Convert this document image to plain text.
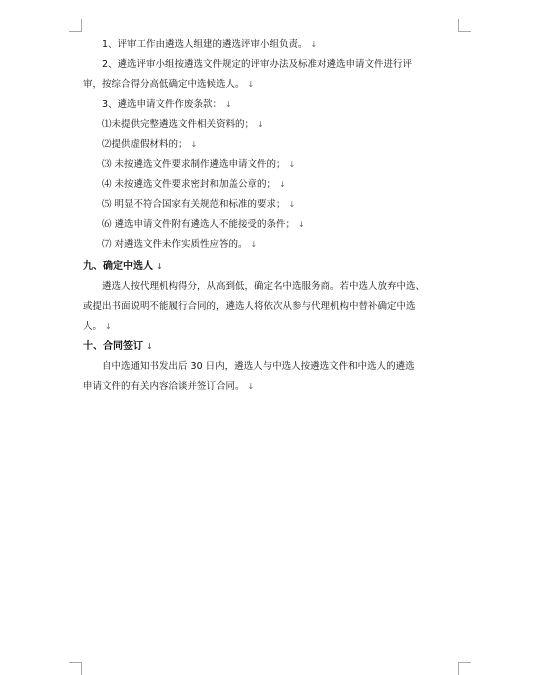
1、评审工作由遴选人组建的遴选评审小组负责。 ↓

2、遴选评审小组按遴选文件规定的评审办法及标准对遴选申请文件进行评

审，按综合得分高低确定中选候选人。 ↓

3、遴选申请文件作废条款： ↓

⑴未提供完整遴选文件相关资料的； ↓

⑵提供虚假材料的； ↓

⑶ 未按遴选文件要求制作遴选申请文件的； ↓

⑷ 未按遴选文件要求密封和加盖公章的； ↓

⑸ 明显不符合国家有关规范和标准的要求； ↓

⑹ 遴选申请文件附有遴选人不能接受的条件； ↓

⑺ 对遴选文件未作实质性应答的。 ↓

九、确定中选人 ↓

遴选人按代理机构得分，从高到低，确定名中选服务商。若中选人放弃中选、

或提出书面说明不能履行合同的，遴选人将依次从参与代理机构中替补确定中选

人。 ↓

十、合同签订 ↓

自中选通知书发出后 30 日内，遴选人与中选人按遴选文件和中选人的遴选

申请文件的有关内容洽谈并签订合同。 ↓
